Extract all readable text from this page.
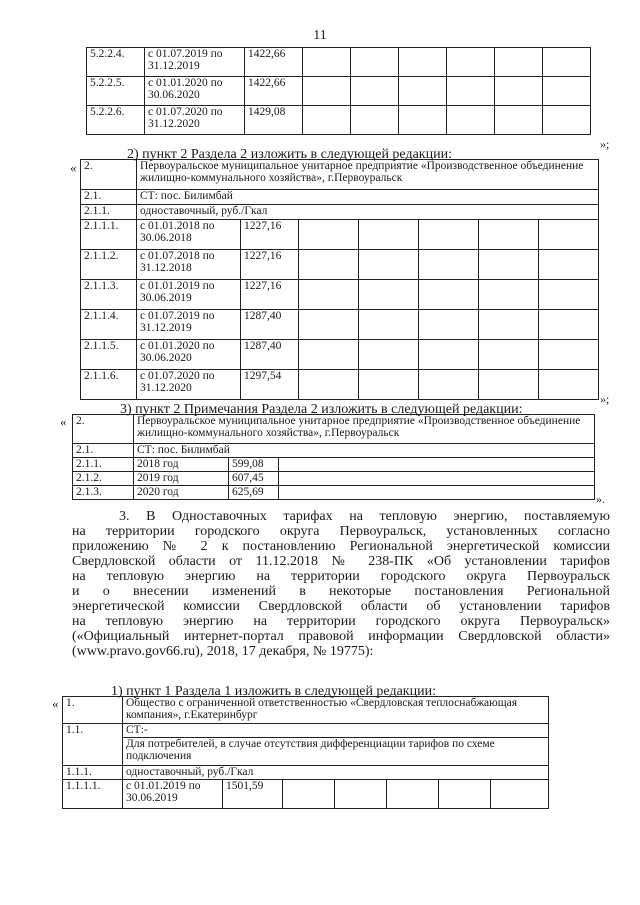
11
5.2.2.4.	с 01.07.2019 по 31.12.2019	1422,66						
5.2.2.5.	с 01.01.2020 по 30.06.2020	1422,66						
5.2.2.6.	с 01.07.2020 по 31.12.2020	1429,08						
»;
2) пункт 2 Раздела 2 изложить в следующей редакции:
« 2.	Первоуральское муниципальное унитарное предприятие «Производственное объединение жилищно-коммунального хозяйства», г.Первоуральск						
2.1.	СТ: пос. Билимбай						
2.1.1.	одноставочный, руб./Гкал						
2.1.1.1.	с 01.01.2018 по 30.06.2018	1227,16					
2.1.1.2.	с 01.07.2018 по 31.12.2018	1227,16					
2.1.1.3.	с 01.01.2019 по 30.06.2019	1227,16					
2.1.1.4.	с 01.07.2019 по 31.12.2019	1287,40					
2.1.1.5.	с 01.01.2020 по 30.06.2020	1287,40					
2.1.1.6.	с 01.07.2020 по 31.12.2020	1297,54					
»;
3) пункт 2 Примечания Раздела 2 изложить в следующей редакции:
« 2.	Первоуральское муниципальное унитарное предприятие «Производственное объединение жилищно-коммунального хозяйства», г.Первоуральск		
2.1.	СТ: пос. Билимбай		
2.1.1.	2018 год	599,08	
2.1.2.	2019 год	607,45	
2.1.3.	2020 год	625,69		».
3. В Одноставочных тарифах на тепловую энергию, поставляемую
на территории городского округа Первоуральск, установленных согласно
приложению № 2 к постановлению Региональной энергетической комиссии
Свердловской области от 11.12.2018 № 238-ПК «Об установлении тарифов
на тепловую энергию на территории городского округа Первоуральск
и о внесении изменений в некоторые постановления Региональной
энергетической комиссии Свердловской области об установлении тарифов
на тепловую энергию на территории городского округа Первоуральск»
(«Официальный интернет-портал правовой информации Свердловской области»
(www.pravo.gov66.ru), 2018, 17 декабря, № 19775):
1) пункт 1 Раздела 1 изложить в следующей редакции:
« 1.	Общество с ограниченной ответственностью «Свердловская теплоснабжающая компания», г.Екатеринбург						
1.1.	СТ:-						
	Для потребителей, в случае отсутствия дифференциации тарифов по схеме подключения						
1.1.1.	одноставочный, руб./Гкал						
1.1.1.1.	с 01.01.2019 по 30.06.2019	1501,59					
